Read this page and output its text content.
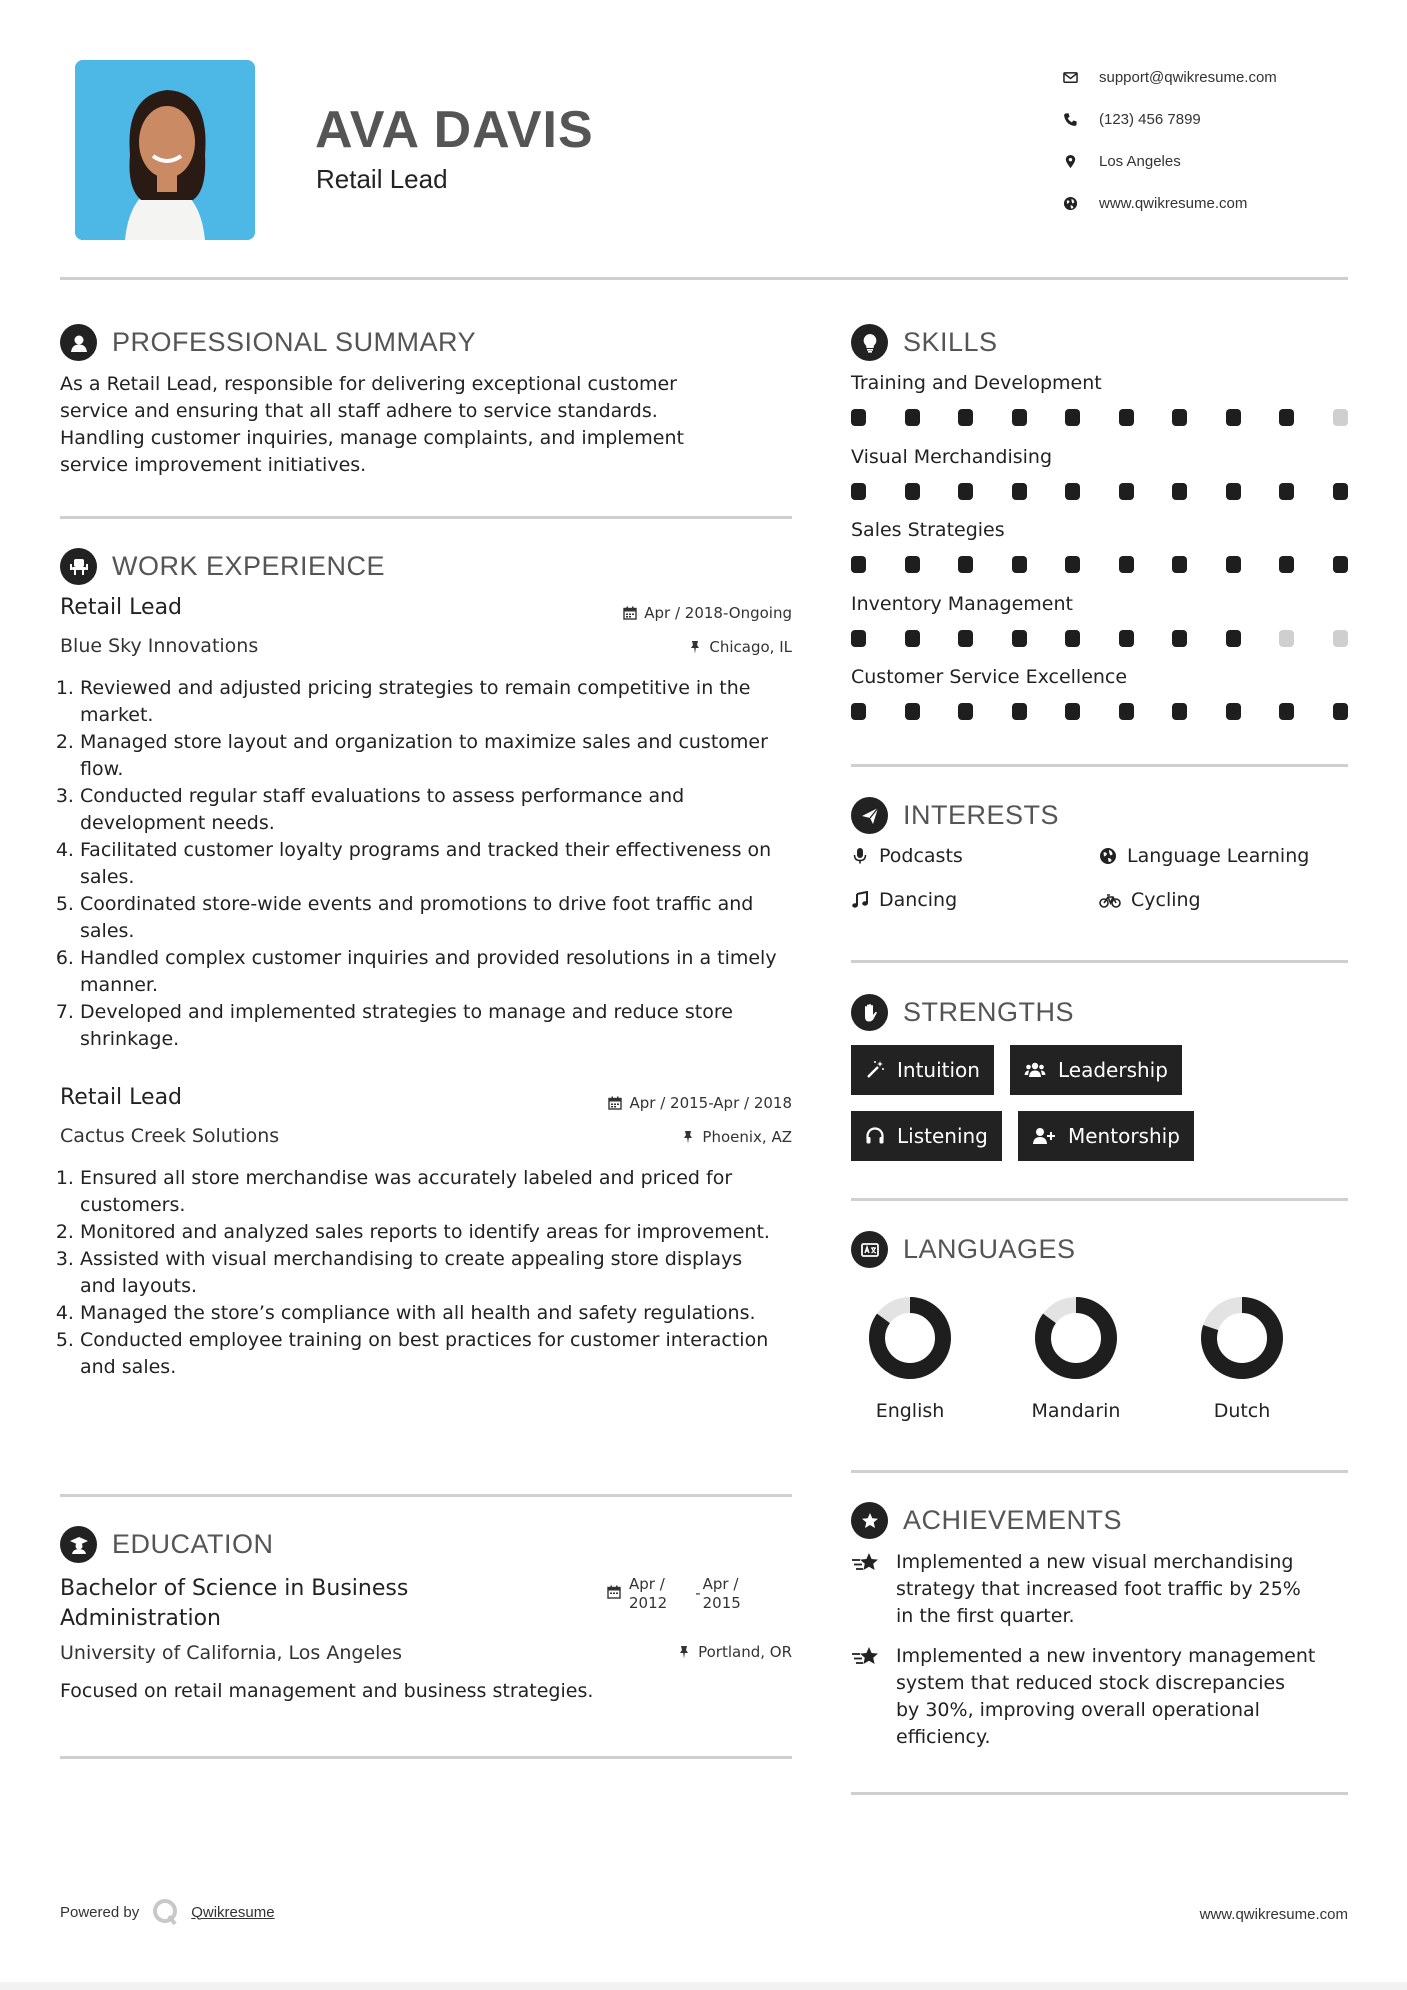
AVA DAVIS
Retail Lead
support@qwikresume.com
(123) 456 7899
Los Angeles
www.qwikresume.com
PROFESSIONAL SUMMARY
As a Retail Lead, responsible for delivering exceptional customer
service and ensuring that all staff adhere to service standards.
Handling customer inquiries, manage complaints, and implement
service improvement initiatives.
WORK EXPERIENCE
Retail Lead	Apr / 2018-Ongoing
Blue Sky Innovations	Chicago, IL
1. Reviewed and adjusted pricing strategies to remain competitive in the market.
2. Managed store layout and organization to maximize sales and customer flow.
3. Conducted regular staff evaluations to assess performance and development needs.
4. Facilitated customer loyalty programs and tracked their effectiveness on sales.
5. Coordinated store-wide events and promotions to drive foot traffic and sales.
6. Handled complex customer inquiries and provided resolutions in a timely manner.
7. Developed and implemented strategies to manage and reduce store shrinkage.
Retail Lead	Apr / 2015-Apr / 2018
Cactus Creek Solutions	Phoenix, AZ
1. Ensured all store merchandise was accurately labeled and priced for customers.
2. Monitored and analyzed sales reports to identify areas for improvement.
3. Assisted with visual merchandising to create appealing store displays and layouts.
4. Managed the store’s compliance with all health and safety regulations.
5. Conducted employee training on best practices for customer interaction and sales.
EDUCATION
Bachelor of Science in Business
Administration
Apr /
2012
- Apr /
2015
University of California, Los Angeles	Portland, OR
Focused on retail management and business strategies.
SKILLS
Training and Development
Visual Merchandising
Sales Strategies
Inventory Management
Customer Service Excellence
INTERESTS
Podcasts	Language Learning
Dancing	Cycling
STRENGTHS
Intuition	Leadership
Listening	Mentorship
LANGUAGES
English	Mandarin	Dutch
ACHIEVEMENTS
Implemented a new visual merchandising
strategy that increased foot traffic by 25%
in the first quarter.
Implemented a new inventory management
system that reduced stock discrepancies
by 30%, improving overall operational
efficiency.
Powered by	Qwikresume	www.qwikresume.com
